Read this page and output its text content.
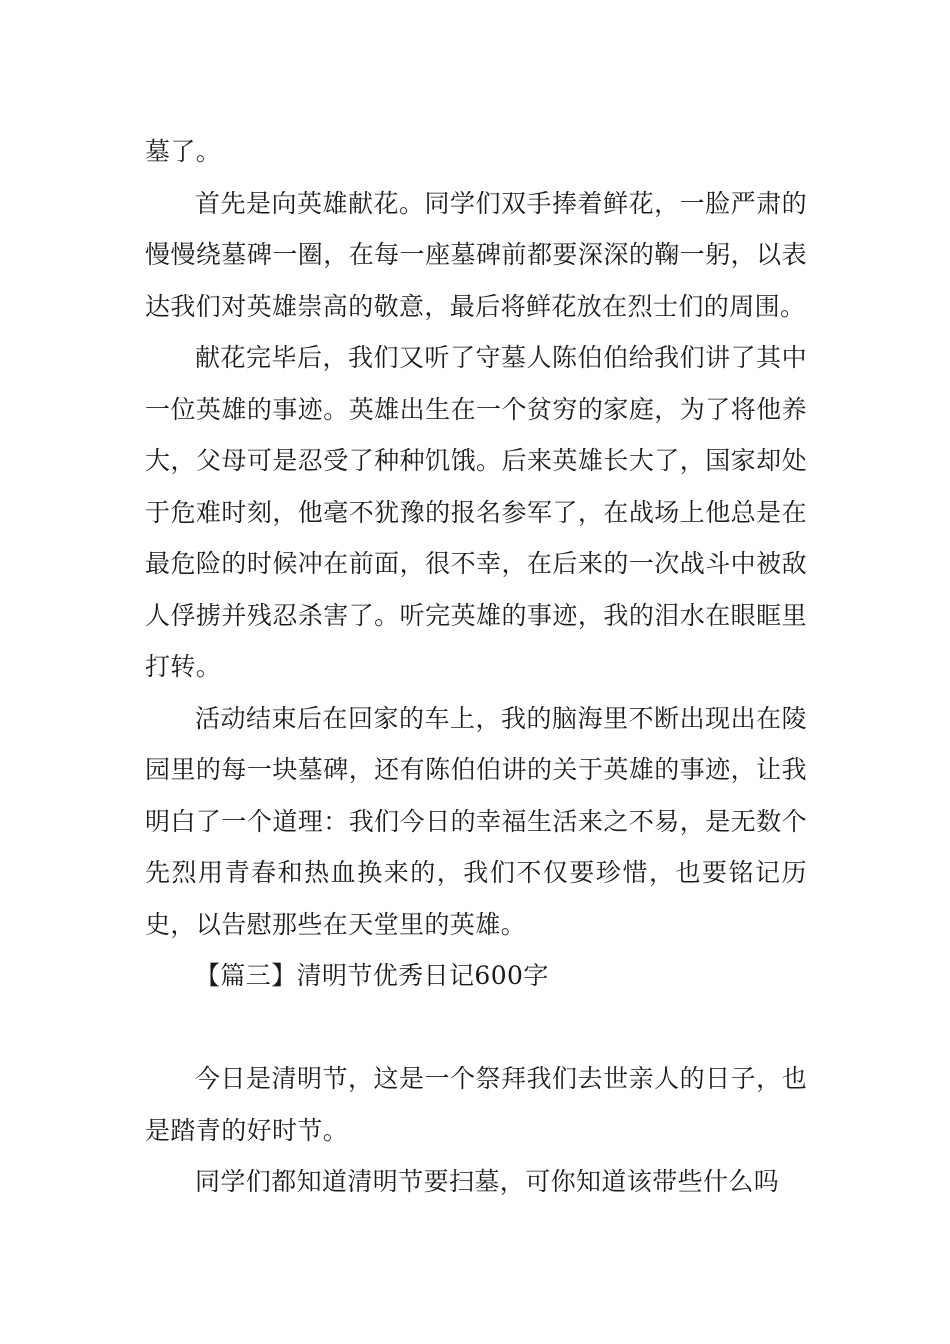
墓了。

首先是向英雄献花。同学们双手捧着鲜花，一脸严肃的慢慢绕墓碑一圈，在每一座墓碑前都要深深的鞠一躬，以表达我们对英雄崇高的敬意，最后将鲜花放在烈士们的周围。

献花完毕后，我们又听了守墓人陈伯伯给我们讲了其中一位英雄的事迹。英雄出生在一个贫穷的家庭，为了将他养大，父母可是忍受了种种饥饿。后来英雄长大了，国家却处于危难时刻，他毫不犹豫的报名参军了，在战场上他总是在最危险的时候冲在前面，很不幸，在后来的一次战斗中被敌人俘掳并残忍杀害了。听完英雄的事迹，我的泪水在眼眶里打转。

活动结束后在回家的车上，我的脑海里不断出现出在陵园里的每一块墓碑，还有陈伯伯讲的关于英雄的事迹，让我明白了一个道理：我们今日的幸福生活来之不易，是无数个先烈用青春和热血换来的，我们不仅要珍惜，也要铭记历史，以告慰那些在天堂里的英雄。

【篇三】清明节优秀日记600字

今日是清明节，这是一个祭拜我们去世亲人的日子，也是踏青的好时节。

同学们都知道清明节要扫墓，可你知道该带些什么吗
